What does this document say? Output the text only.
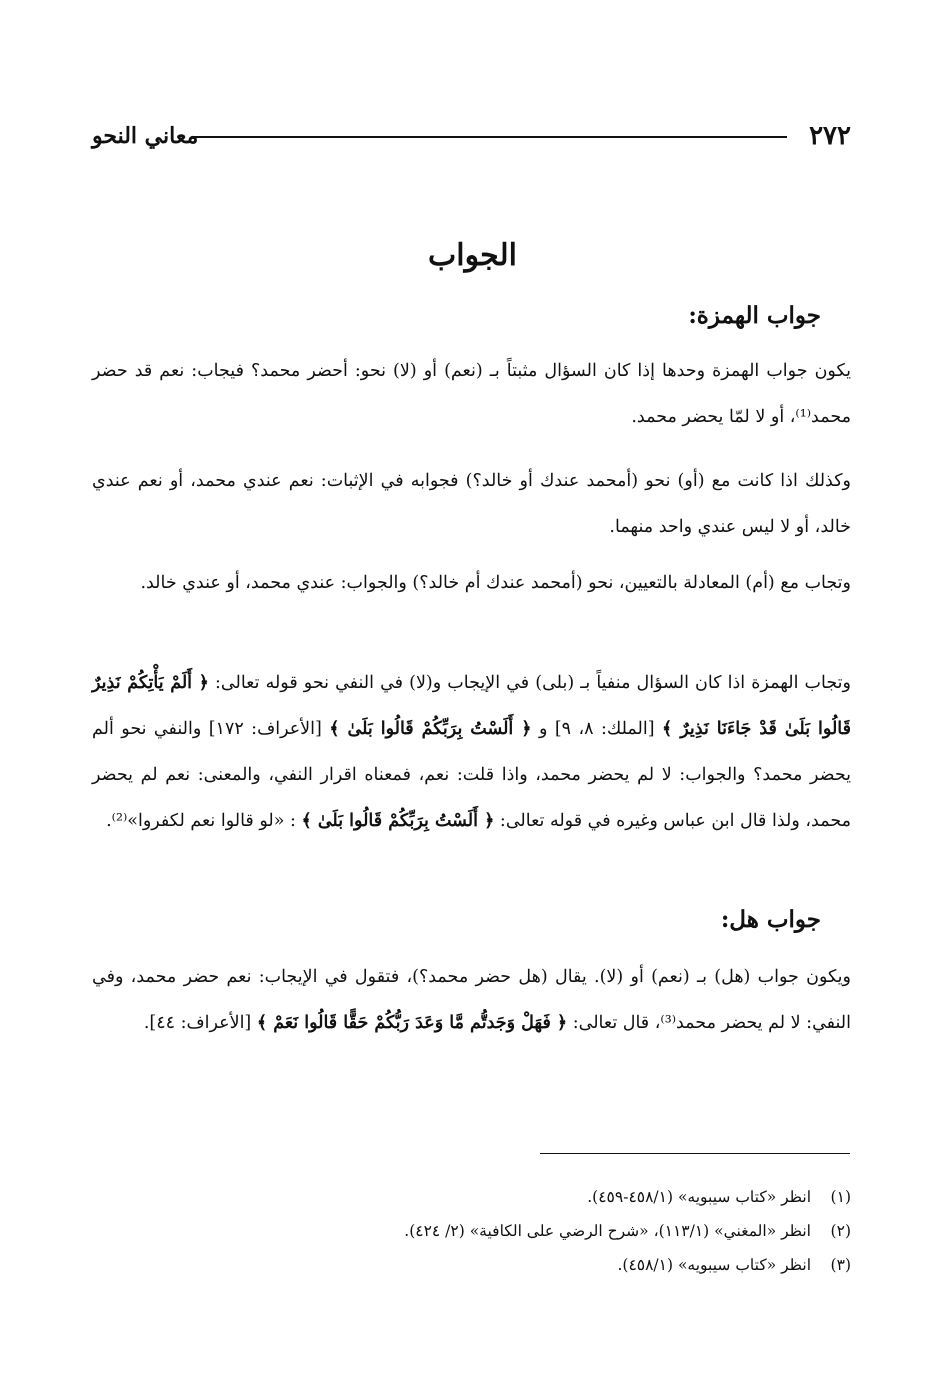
٢٧٢
معاني النحو
الجواب
جواب الهمزة:

يكون جواب الهمزة وحدها إذا كان السؤال مثبتاً بـ (نعم) أو (لا) نحو: أحضر محمد؟ فيجاب: نعم قد حضر محمد⁽¹⁾، أو لا لمّا يحضر محمد.

وكذلك اذا كانت مع (أو) نحو (أمحمد عندك أو خالد؟) فجوابه في الإثبات: نعم عندي محمد، أو نعم عندي خالد، أو لا ليس عندي واحد منهما.

وتجاب مع (أم) المعادلة بالتعيين، نحو (أمحمد عندك أم خالد؟) والجواب: عندي محمد، أو عندي خالد.

وتجاب الهمزة اذا كان السؤال منفياً بـ (بلى) في الإيجاب و(لا) في النفي نحو قوله تعالى: ﴿ أَلَمْ يَأْتِكُمْ نَذِيرٌ قَالُوا بَلَىٰ قَدْ جَاءَنَا نَذِيرٌ ﴾ [الملك: ٨، ٩] و ﴿ أَلَسْتُ بِرَبِّكُمْ قَالُوا بَلَىٰ ﴾ [الأعراف: ١٧٢] والنفي نحو ألم يحضر محمد؟ والجواب: لا لم يحضر محمد، واذا قلت: نعم، فمعناه اقرار النفي، والمعنى: نعم لم يحضر محمد، ولذا قال ابن عباس وغيره في قوله تعالى: ﴿ أَلَسْتُ بِرَبِّكُمْ قَالُوا بَلَىٰ ﴾ : «لو قالوا نعم لكفروا»⁽²⁾.

جواب هل:

ويكون جواب (هل) بـ (نعم) أو (لا). يقال (هل حضر محمد؟)، فتقول في الإيجاب: نعم حضر محمد، وفي النفي: لا لم يحضر محمد⁽³⁾، قال تعالى: ﴿ فَهَلْ وَجَدتُّم مَّا وَعَدَ رَبُّكُمْ حَقًّا قَالُوا نَعَمْ ﴾ [الأعراف: ٤٤].

(١)
انظر «كتاب سيبويه» (٤٥٨/١-٤٥٩).
(٢)
انظر «المغني» (١١٣/١)، «شرح الرضي على الكافية» (٢/ ٤٢٤).
(٣)
انظر «كتاب سيبويه» (٤٥٨/١).
